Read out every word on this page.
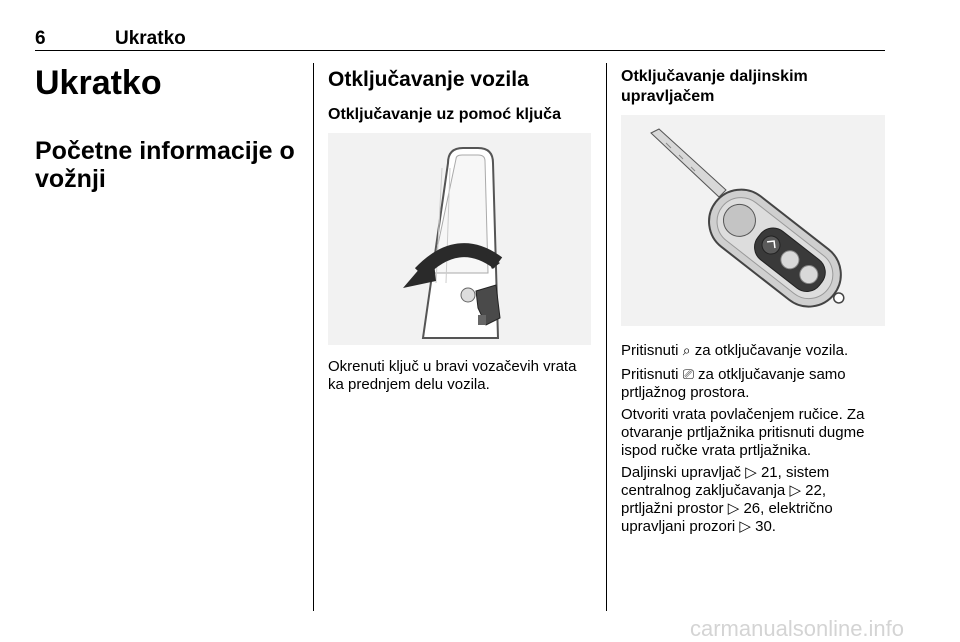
6	Ukratko
Ukratko
Početne informacije o vožnji
Otključavanje vozila
Otključavanje uz pomoć ključa

Okrenuti ključ u bravi vozačevih vrata ka prednjem delu vozila.

Otključavanje daljinskim upravljačem

Pritisnuti ⌕ za otključavanje vozila.

Pritisnuti ⎚ za otključavanje samo prtljažnog prostora.

Otvoriti vrata povlačenjem ručice. Za otvaranje prtljažnika pritisnuti dugme ispod ručke vrata prtljažnika.

Daljinski upravljač ▷ 21, sistem
centralnog zaključavanja ▷ 22,
prtljažni prostor ▷ 26, električno
upravljani prozori ▷ 30.

carmanualsonline.info
